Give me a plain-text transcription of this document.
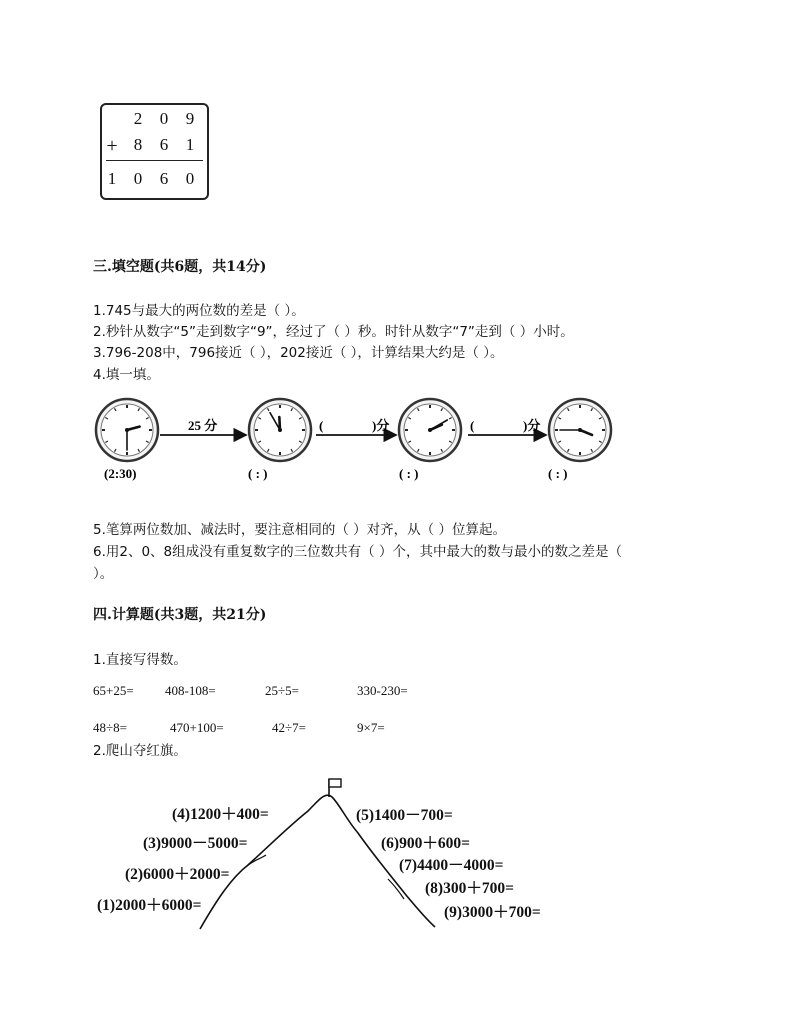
2	0	9
+ 8	6	1
1	0	6	0
三.填空题(共6题，共14分)
1.745与最大的两位数的差是（ ）。
2.秒针从数字“5”走到数字“9”，经过了（ ）秒。时针从数字“7”走到（ ）小时。
3.796-208中，796接近（ ），202接近（ ），计算结果大约是（ ）。
4.填一填。
25 分	(	)分	(	)分
(2:30)	( : )	( : )	( : )
5.笔算两位数加、减法时，要注意相同的（ ）对齐，从（ ）位算起。
6.用2、0、8组成没有重复数字的三位数共有（ ）个，其中最大的数与最小的数之差是（
）。
四.计算题(共3题，共21分)
1.直接写得数。
65+25= 408-108=	25÷5=	330-230=
48÷8=	470+100=	42÷7=	9×7=
2.爬山夺红旗。
(4)1200＋400=
(3)9000－5000=
(2)6000＋2000=
(1)2000＋6000=
(5)1400－700=
(6)900＋600=
(7)4400－4000=
(8)300＋700=
(9)3000＋700=
